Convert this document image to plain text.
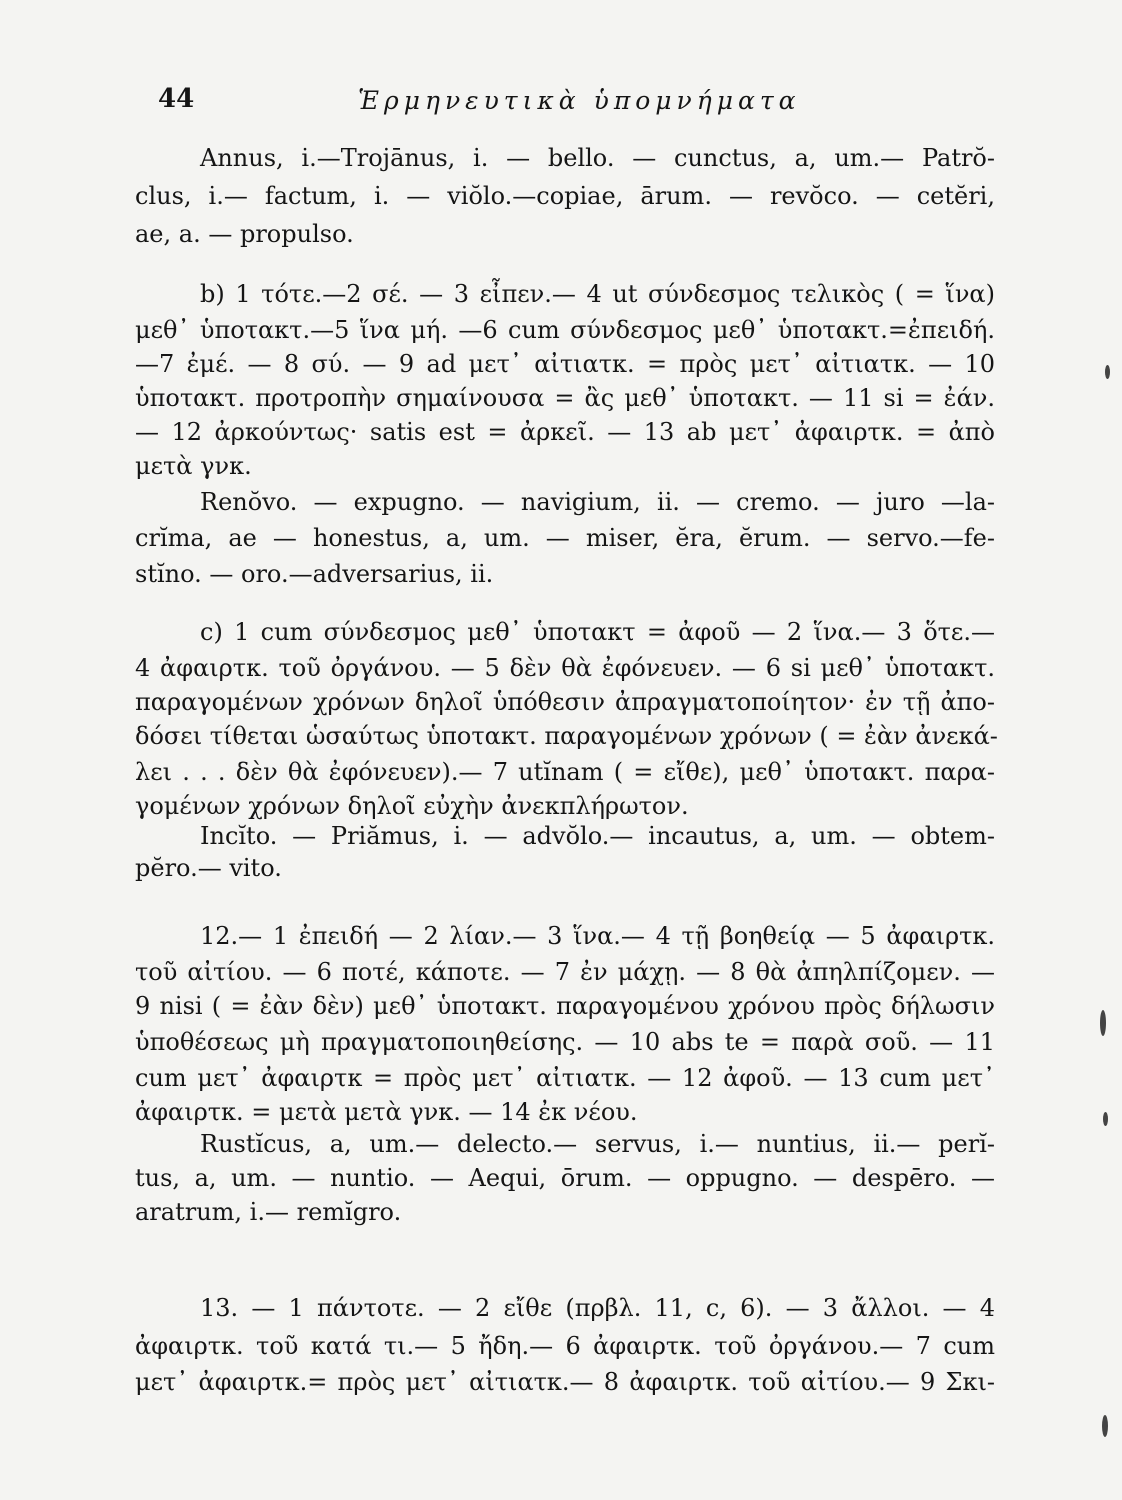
44	Ἑρμηνευτικὰ ὑπομνήματα
Annus, i.—Trojānus, i. — bello. — cunctus, a, um.— Patrŏ-
clus, i.— factum, i. — viŏlo.—copiae, ārum. — revŏco. — cetĕri,
ae, a. — propulso.
b) 1 τότε.—2 σέ. — 3 εἶπεν.— 4 ut σύνδεσμος τελικὸς ( = ἵνα)
μεθ᾽ ὑποτακτ.—5 ἵνα μή. —6 cum σύνδεσμος μεθ᾽ ὑποτακτ.=ἐπειδή.
—7 ἐμέ. — 8 σύ. — 9 ad μετ᾽ αἰτιατκ. = πρὸς μετ᾽ αἰτιατκ. — 10
ὑποτακτ. προτροπὴν σημαίνουσα = ἂς μεθ᾽ ὑποτακτ. — 11 si = ἐάν.
— 12 ἀρκούντως· satis est = ἀρκεῖ. — 13 ab μετ᾽ ἀφαιρτκ. = ἀπὸ
μετὰ γνκ.
Renŏvo. — expugno. — navigium, ii. — cremo. — juro —la-
crĭma, ae — honestus, a, um. — miser, ĕra, ĕrum. — servo.—fe-
stĭno. — oro.—adversarius, ii.
c) 1 cum σύνδεσμος μεθ᾽ ὑποτακτ = ἀφοῦ — 2 ἵνα.— 3 ὅτε.—
4 ἀφαιρτκ. τοῦ ὀργάνου. — 5 δὲν θὰ ἐφόνευεν. — 6 si μεθ᾽ ὑποτακτ.
παραγομένων χρόνων δηλοῖ ὑπόθεσιν ἀπραγματοποίητον· ἐν τῇ ἀπο-
δόσει τίθεται ὡσαύτως ὑποτακτ. παραγομένων χρόνων ( = ἐὰν ἀνεκά-
λει . . . δὲν θὰ ἐφόνευεν).— 7 utĭnam ( = εἴθε), μεθ᾽ ὑποτακτ. παρα-
γομένων χρόνων δηλοῖ εὐχὴν ἀνεκπλήρωτον.
Incĭto. — Priămus, i. — advŏlo.— incautus, a, um. — obtem-
pĕro.— vito.
12.— 1 ἐπειδή — 2 λίαν.— 3 ἵνα.— 4 τῇ βοηθείᾳ — 5 ἀφαιρτκ.
τοῦ αἰτίου. — 6 ποτέ, κάποτε. — 7 ἐν μάχῃ. — 8 θὰ ἀπηλπίζομεν. —
9 nisi ( = ἐὰν δὲν) μεθ᾽ ὑποτακτ. παραγομένου χρόνου πρὸς δήλωσιν
ὑποθέσεως μὴ πραγματοποιηθείσης. — 10 abs te = παρὰ σοῦ. — 11
cum μετ᾽ ἀφαιρτκ = πρὸς μετ᾽ αἰτιατκ. — 12 ἀφοῦ. — 13 cum μετ᾽
ἀφαιρτκ. = μετὰ μετὰ γνκ. — 14 ἐκ νέου.
Rustĭcus, a, um.— delecto.— servus, i.— nuntius, ii.— perĭ-
tus, a, um. — nuntio. — Aequi, ōrum. — oppugno. — despēro. —
aratrum, i.— remĭgro.
13. — 1 πάντοτε. — 2 εἴθε (πρβλ. 11, c, 6). — 3 ἄλλοι. — 4
ἀφαιρτκ. τοῦ κατά τι.— 5 ἤδη.— 6 ἀφαιρτκ. τοῦ ὀργάνου.— 7 cum
μετ᾽ ἀφαιρτκ.= πρὸς μετ᾽ αἰτιατκ.— 8 ἀφαιρτκ. τοῦ αἰτίου.— 9 Σκι-
